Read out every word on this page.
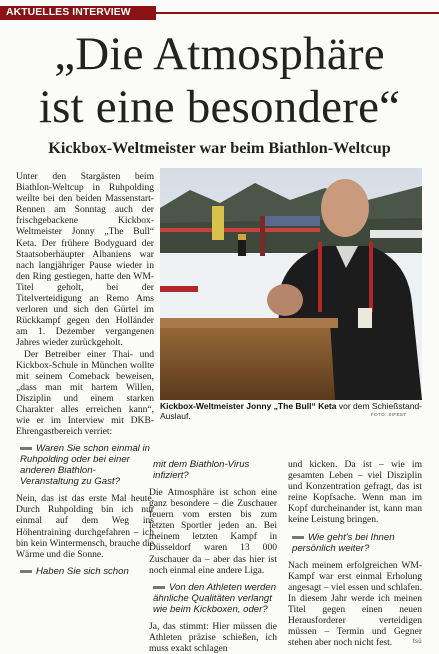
AKTUELLES INTERVIEW
„Die Atmosphäre
ist eine besondere“
Kickbox-Weltmeister war beim Biathlon-Weltcup

Unter den Stargästen beim Biathlon-Weltcup in Ruhpolding weilte bei den beiden Massenstart-Rennen am Sonntag auch der frischgebackene Kickbox-Weltmeister Jonny „The Bull“ Keta. Der frühere Bodyguard der Staatsoberhäupter Albaniens war nach langjähriger Pause wieder in den Ring gestiegen, hatte den WM-Titel geholt, bei der Titelverteidigung an Remo Ams verloren und sich den Gürtel im Rückkampf gegen den Holländer am 1. Dezember vergangenen Jahres wieder zurückgeholt.

Der Betreiber einer Thai- und Kickbox-Schule in München wollte mit seinem Comeback beweisen, „dass man mit hartem Willen, Disziplin und einem starken Charakter alles erreichen kann“, wie er im Interview mit DKB-Ehrengastbereich verriet:

Waren Sie schon einmal in Ruhpolding oder bei einer anderen Biathlon-Veranstaltung zu Gast?

Nein, das ist das erste Mal heute. Durch Ruhpolding bin ich nur einmal auf dem Weg ins Höhentraining durchgefahren – ich bin kein Wintermensch, brauche die Wärme und die Sonne.

Haben Sie sich schon
Kickbox-Weltmeister Jonny „The Bull“ Keta vor dem Schießstand-Auslauf.	FOTO: SIFEST
mit dem Biathlon-Virus infiziert?

Die Atmosphäre ist schon eine ganz besondere – die Zuschauer feuern vom ersten bis zum letzten Sportler jeden an. Bei meinem letzten Kampf in Düsseldorf waren 13 000 Zuschauer da – aber das hier ist noch einmal eine andere Liga.

Von den Athleten werden ähnliche Qualitäten verlangt wie beim Kickboxen, oder?

Ja, das stimmt: Hier müssen die Athleten präzise schießen, ich muss exakt schlagen

und kicken. Da ist – wie im gesamten Leben – viel Disziplin und Konzentration gefragt, das ist reine Kopfsache. Wenn man im Kopf durcheinander ist, kann man keine Leistung bringen.

Wie geht's bei Ihnen persönlich weiter?

Nach meinem erfolgreichen WM-Kampf war erst einmal Erholung angesagt – viel essen und schlafen. In diesem Jahr werde ich meinen Titel gegen einen neuen Herausforderer verteidigen müssen – Termin und Gegner stehen aber noch nicht fest.	fsü
